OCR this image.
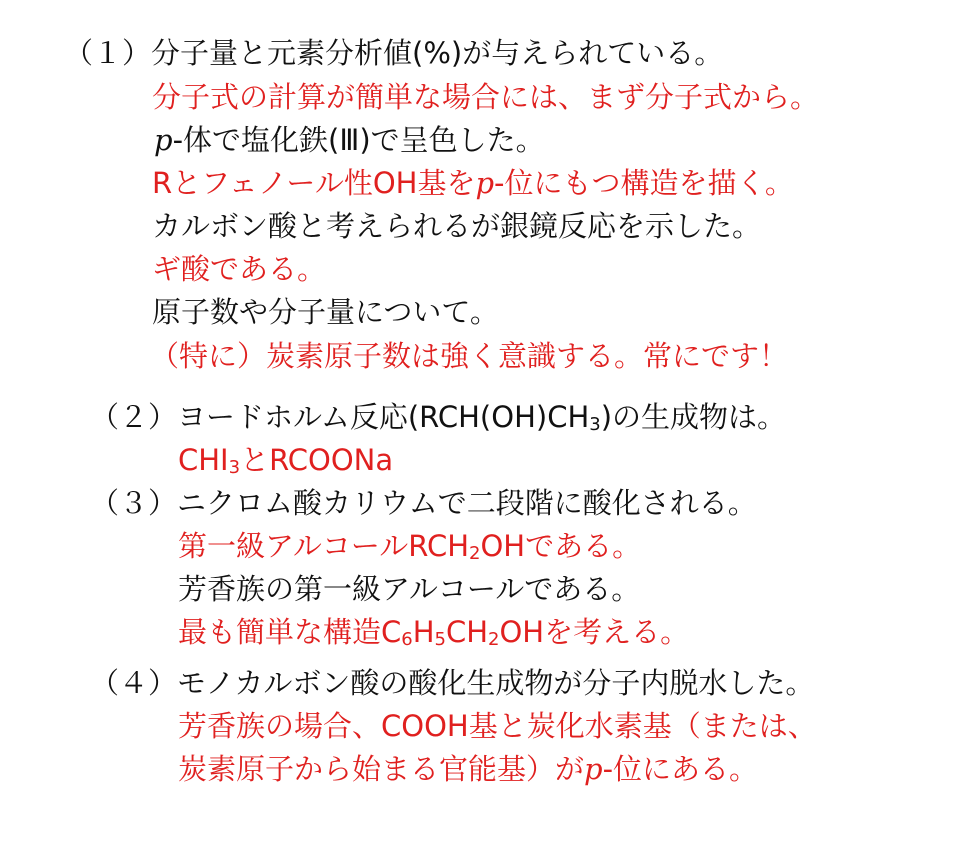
（１）分子量と元素分析値(%)が与えられている。
分子式の計算が簡単な場合には、まず分子式から。
p-体で塩化鉄(Ⅲ)で呈色した。
Rとフェノール性OH基をp-位にもつ構造を描く。
カルボン酸と考えられるが銀鏡反応を示した。
ギ酸である。
原子数や分子量について。
（特に）炭素原子数は強く意識する。常にです！
（２）ヨードホルム反応$(RCH(OH)CH_3)$の生成物は。
$CHI_3$とRCOONa
（３）ニクロム酸カリウムで二段階に酸化される。
第一級アルコール$RCH_2OH$である。
芳香族の第一級アルコールである。
最も簡単な構造$C_6H_5CH_2OH$を考える。
（４）モノカルボン酸の酸化生成物が分子内脱水した。
芳香族の場合、COOH基と炭化水素基（または、
炭素原子から始まる官能基）がp-位にある。
